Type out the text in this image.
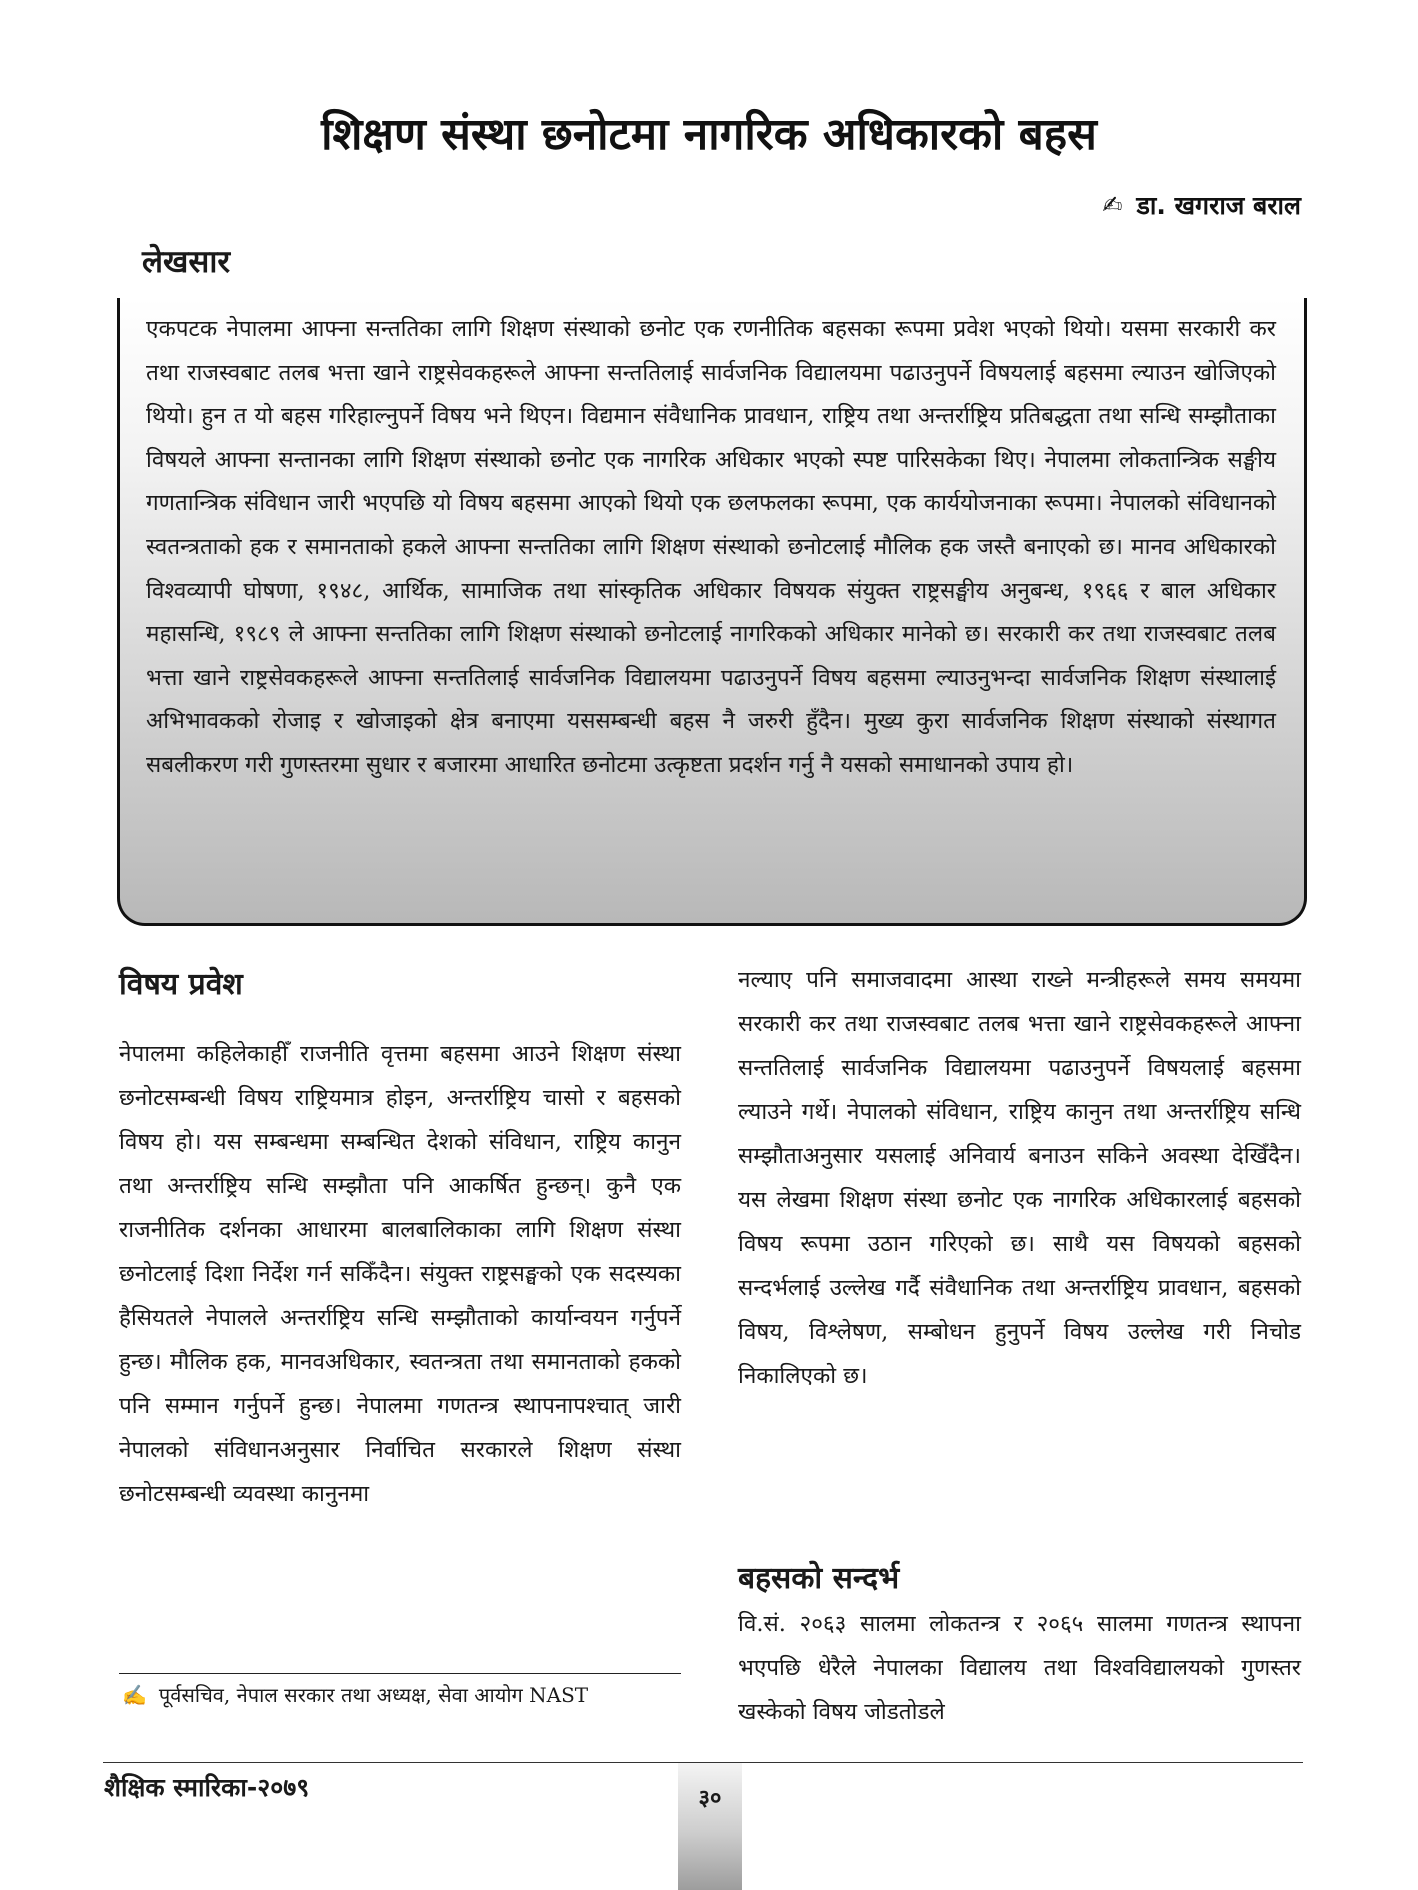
शिक्षण संस्था छनोटमा नागरिक अधिकारको बहस
✍ डा. खगराज बराल
लेखसार
एकपटक नेपालमा आफ्ना सन्ततिका लागि शिक्षण संस्थाको छनोट एक रणनीतिक बहसका रूपमा प्रवेश भएको थियो। यसमा सरकारी कर तथा राजस्वबाट तलब भत्ता खाने राष्ट्रसेवकहरूले आफ्ना सन्ततिलाई सार्वजनिक विद्यालयमा पढाउनुपर्ने विषयलाई बहसमा ल्याउन खोजिएको थियो। हुन त यो बहस गरिहाल्नुपर्ने विषय भने थिएन। विद्यमान संवैधानिक प्रावधान, राष्ट्रिय तथा अन्तर्राष्ट्रिय प्रतिबद्धता तथा सन्धि सम्झौताका विषयले आफ्ना सन्तानका लागि शिक्षण संस्थाको छनोट एक नागरिक अधिकार भएको स्पष्ट पारिसकेका थिए। नेपालमा लोकतान्त्रिक सङ्घीय गणतान्त्रिक संविधान जारी भएपछि यो विषय बहसमा आएको थियो एक छलफलका रूपमा, एक कार्ययोजनाका रूपमा। नेपालको संविधानको स्वतन्त्रताको हक र समानताको हकले आफ्ना सन्ततिका लागि शिक्षण संस्थाको छनोटलाई मौलिक हक जस्तै बनाएको छ। मानव अधिकारको विश्वव्यापी घोषणा, १९४८, आर्थिक, सामाजिक तथा सांस्कृतिक अधिकार विषयक संयुक्त राष्ट्रसङ्घीय अनुबन्ध, १९६६ र बाल अधिकार महासन्धि, १९८९ ले आफ्ना सन्ततिका लागि शिक्षण संस्थाको छनोटलाई नागरिकको अधिकार मानेको छ। सरकारी कर तथा राजस्वबाट तलब भत्ता खाने राष्ट्रसेवकहरूले आफ्ना सन्ततिलाई सार्वजनिक विद्यालयमा पढाउनुपर्ने विषय बहसमा ल्याउनुभन्दा सार्वजनिक शिक्षण संस्थालाई अभिभावकको रोजाइ र खोजाइको क्षेत्र बनाएमा यससम्बन्धी बहस नै जरुरी हुँदैन। मुख्य कुरा सार्वजनिक शिक्षण संस्थाको संस्थागत सबलीकरण गरी गुणस्तरमा सुधार र बजारमा आधारित छनोटमा उत्कृष्टता प्रदर्शन गर्नु नै यसको समाधानको उपाय हो।
विषय प्रवेश
नेपालमा कहिलेकाहीँ राजनीति वृत्तमा बहसमा आउने शिक्षण संस्था छनोटसम्बन्धी विषय राष्ट्रियमात्र होइन, अन्तर्राष्ट्रिय चासो र बहसको विषय हो। यस सम्बन्धमा सम्बन्धित देशको संविधान, राष्ट्रिय कानुन तथा अन्तर्राष्ट्रिय सन्धि सम्झौता पनि आकर्षित हुन्छन्। कुनै एक राजनीतिक दर्शनका आधारमा बालबालिकाका लागि शिक्षण संस्था छनोटलाई दिशा निर्देश गर्न सकिँदैन। संयुक्त राष्ट्रसङ्घको एक सदस्यका हैसियतले नेपालले अन्तर्राष्ट्रिय सन्धि सम्झौताको कार्यान्वयन गर्नुपर्ने हुन्छ। मौलिक हक, मानवअधिकार, स्वतन्त्रता तथा समानताको हकको पनि सम्मान गर्नुपर्ने हुन्छ। नेपालमा गणतन्त्र स्थापनापश्चात् जारी नेपालको संविधानअनुसार निर्वाचित सरकारले शिक्षण संस्था छनोटसम्बन्धी व्यवस्था कानुनमा
नल्याए पनि समाजवादमा आस्था राख्ने मन्त्रीहरूले समय समयमा सरकारी कर तथा राजस्वबाट तलब भत्ता खाने राष्ट्रसेवकहरूले आफ्ना सन्ततिलाई सार्वजनिक विद्यालयमा पढाउनुपर्ने विषयलाई बहसमा ल्याउने गर्थे। नेपालको संविधान, राष्ट्रिय कानुन तथा अन्तर्राष्ट्रिय सन्धि सम्झौताअनुसार यसलाई अनिवार्य बनाउन सकिने अवस्था देखिँदैन। यस लेखमा शिक्षण संस्था छनोट एक नागरिक अधिकारलाई बहसको विषय रूपमा उठान गरिएको छ। साथै यस विषयको बहसको सन्दर्भलाई उल्लेख गर्दै संवैधानिक तथा अन्तर्राष्ट्रिय प्रावधान, बहसको विषय, विश्लेषण, सम्बोधन हुनुपर्ने विषय उल्लेख गरी निचोड निकालिएको छ।
बहसको सन्दर्भ
वि.सं. २०६३ सालमा लोकतन्त्र र २०६५ सालमा गणतन्त्र स्थापना भएपछि धेरैले नेपालका विद्यालय तथा विश्वविद्यालयको गुणस्तर खस्केको विषय जोडतोडले
✍ पूर्वसचिव, नेपाल सरकार तथा अध्यक्ष, सेवा आयोग NAST
शैक्षिक स्मारिका-२०७९	३०
